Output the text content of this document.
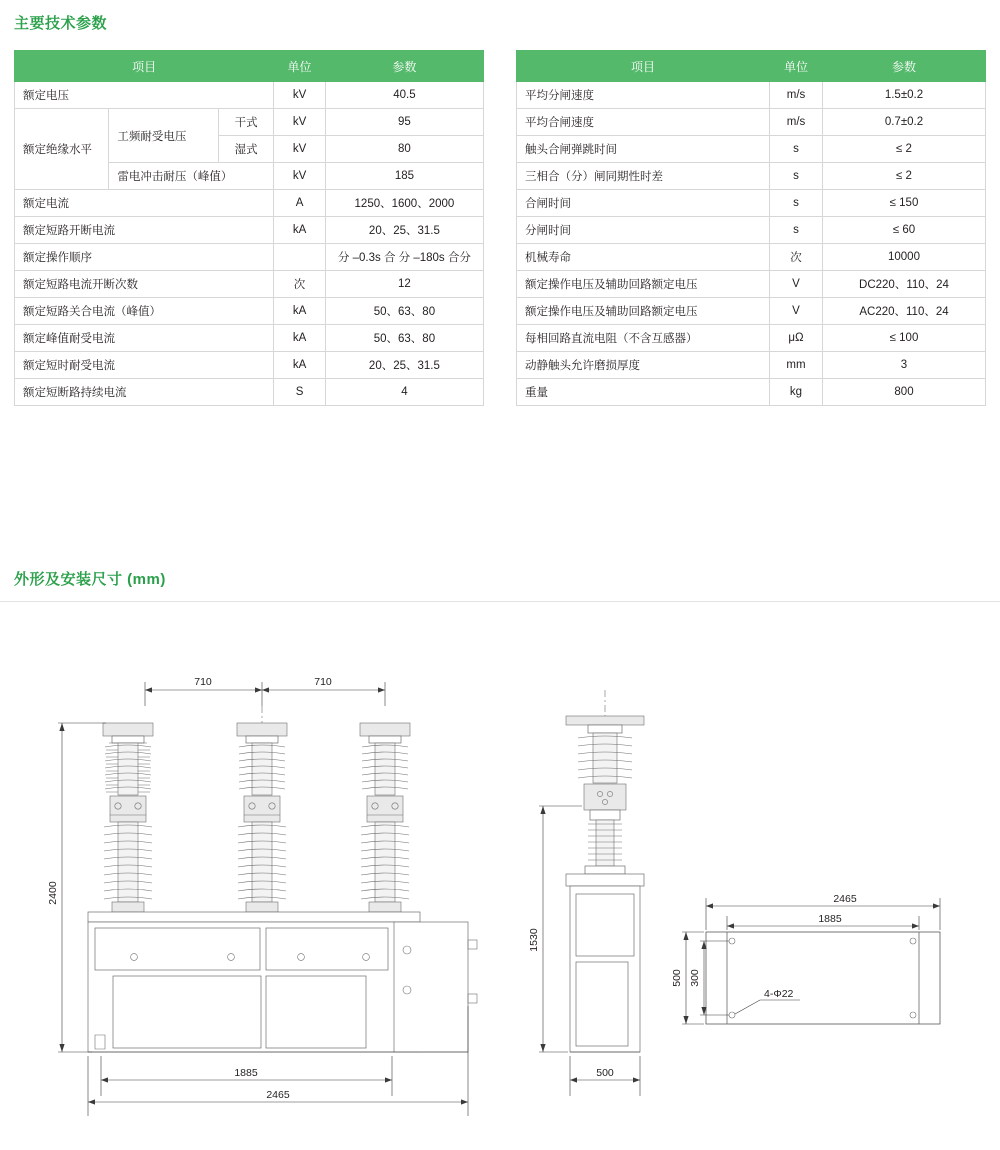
主要技术参数
外形及安装尺寸 (mm)
项目			单位	参数
额定电压			kV	40.5
额定绝缘水平	工频耐受电压	干式	kV	95
		湿式	kV	80
	雷电冲击耐压（峰值）		kV	185
额定电流			A	1250、1600、2000
额定短路开断电流			kA	20、25、31.5
额定操作顺序				分 –0.3s 合 分 –180s 合分
额定短路电流开断次数			次	12
额定短路关合电流（峰值）			kA	50、63、80
额定峰值耐受电流			kA	50、63、80
额定短时耐受电流			kA	20、25、31.5
额定短断路持续电流			S	4
项目	单位	参数
平均分闸速度	m/s	1.5±0.2
平均合闸速度	m/s	0.7±0.2
触头合闸弹跳时间	s	≤ 2
三相合（分）闸同期性时差	s	≤ 2
合闸时间	s	≤ 150
分闸时间	s	≤ 60
机械寿命	次	10000
额定操作电压及辅助回路额定电压	V	DC220、110、24
额定操作电压及辅助回路额定电压	V	AC220、110、24
每相回路直流电阻（不含互感器）	μΩ	≤ 100
动静触头允许磨损厚度	mm	3
重量	kg	800
710	710
2400
1885
2465
1530
500
4-Φ22
2465
1885
500 300
